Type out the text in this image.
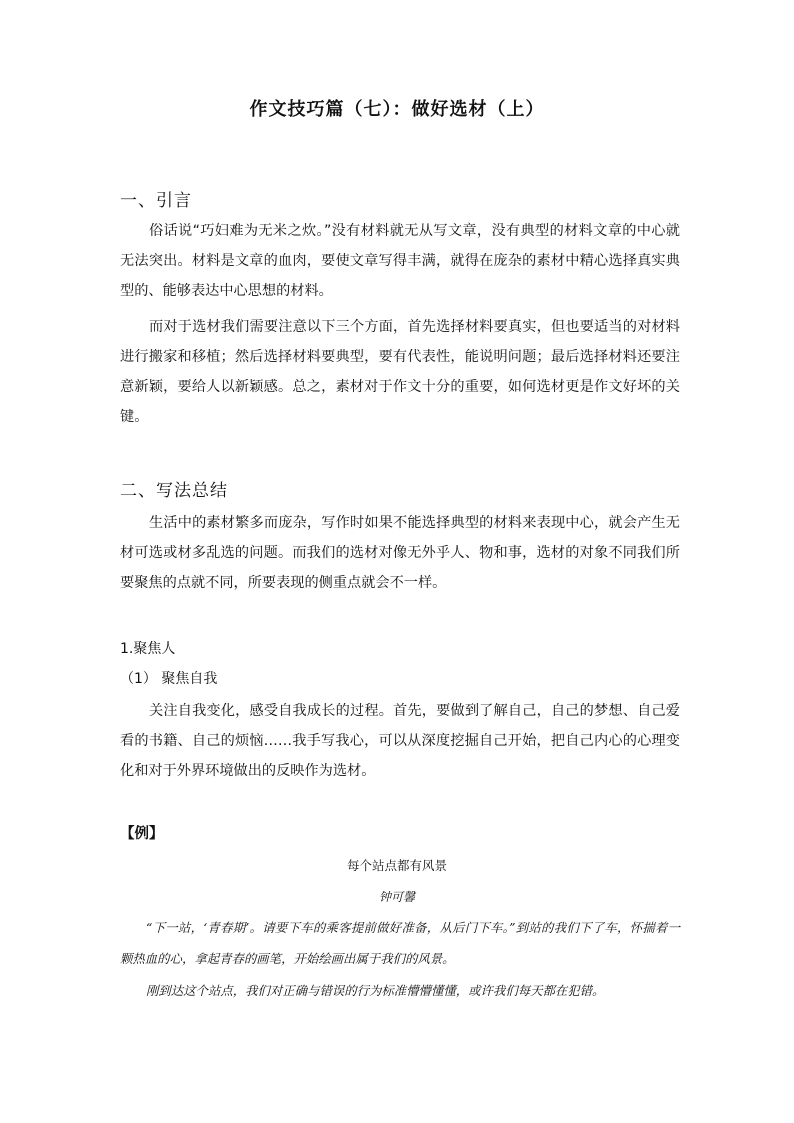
作文技巧篇（七）：做好选材（上）
一、引言

俗话说“巧妇难为无米之炊。”没有材料就无从写文章，没有典型的材料文章的中心就无法突出。材料是文章的血肉，要使文章写得丰满，就得在庞杂的素材中精心选择真实典型的、能够表达中心思想的材料。

而对于选材我们需要注意以下三个方面，首先选择材料要真实，但也要适当的对材料进行搬家和移植；然后选择材料要典型，要有代表性，能说明问题；最后选择材料还要注意新颖，要给人以新颖感。总之，素材对于作文十分的重要，如何选材更是作文好坏的关键。

二、写法总结

生活中的素材繁多而庞杂，写作时如果不能选择典型的材料来表现中心，就会产生无材可选或材多乱选的问题。而我们的选材对像无外乎人、物和事，选材的对象不同我们所要聚焦的点就不同，所要表现的侧重点就会不一样。

1.聚焦人
（1） 聚焦自我

关注自我变化，感受自我成长的过程。首先，要做到了解自己，自己的梦想、自己爱看的书籍、自己的烦恼……我手写我心，可以从深度挖掘自己开始，把自己内心的心理变化和对于外界环境做出的反映作为选材。

【例】
每个站点都有风景
钟可馨

“下一站，‘青春期’。请要下车的乘客提前做好准备，从后门下车。”到站的我们下了车，怀揣着一颗热血的心，拿起青春的画笔，开始绘画出属于我们的风景。

刚到达这个站点，我们对正确与错误的行为标准懵懵懂懂，或许我们每天都在犯错。
